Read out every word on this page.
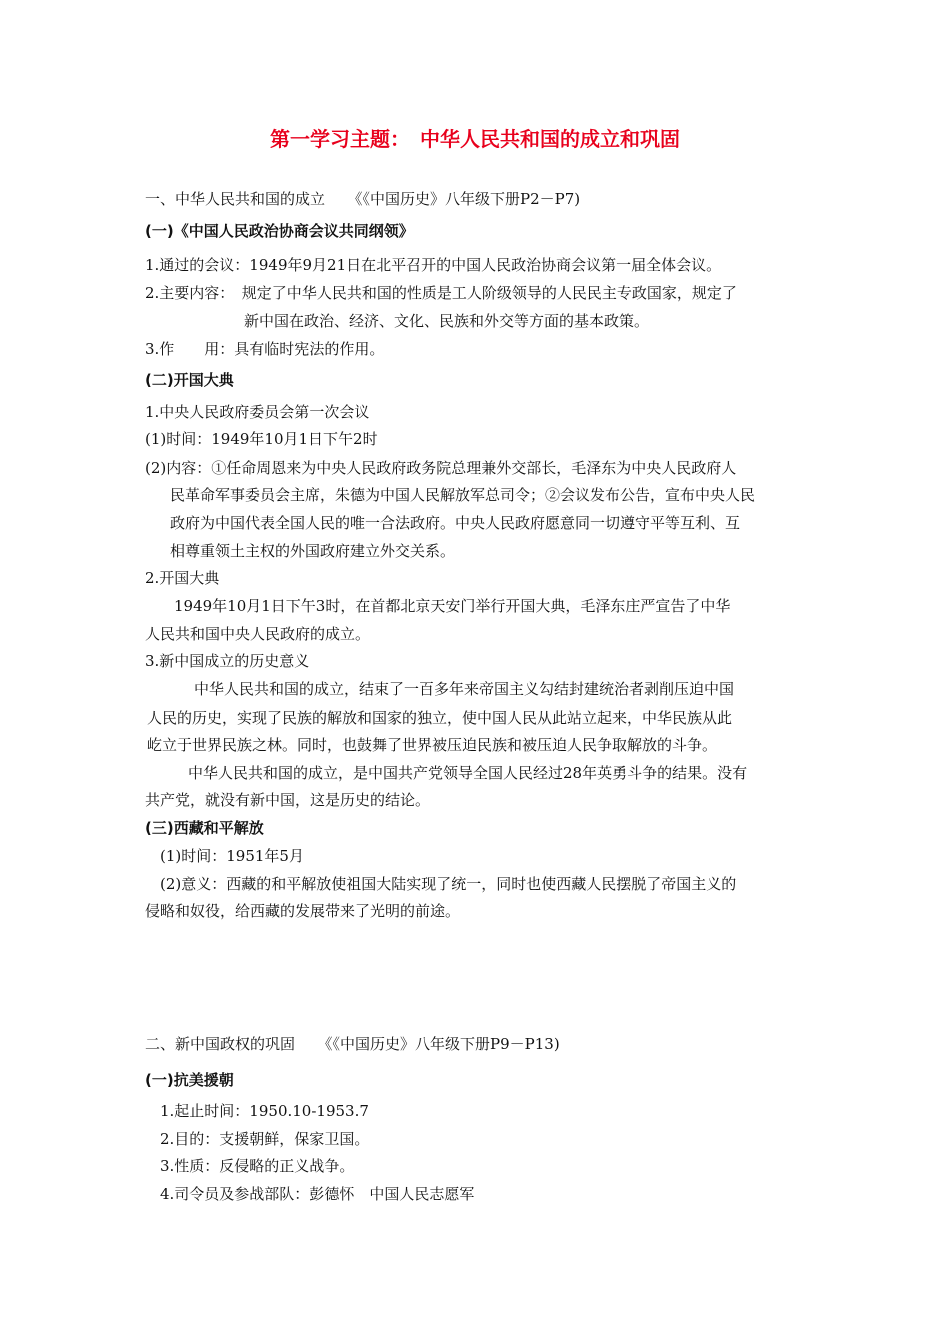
第一学习主题：　中华人民共和国的成立和巩固
一、中华人民共和国的成立　　《《中国历史》八年级下册P2－P7)
(一)《中国人民政治协商会议共同纲领》
1.通过的会议：1949年9月21日在北平召开的中国人民政治协商会议第一届全体会议。
2.主要内容：　规定了中华人民共和国的性质是工人阶级领导的人民民主专政国家，规定了
新中国在政治、经济、文化、民族和外交等方面的基本政策。
3.作　　用：具有临时宪法的作用。
(二)开国大典
1.中央人民政府委员会第一次会议
(1)时间：1949年10月1日下午2时
(2)内容：①任命周恩来为中央人民政府政务院总理兼外交部长，毛泽东为中央人民政府人
民革命军事委员会主席，朱德为中国人民解放军总司令；②会议发布公告，宣布中央人民
政府为中国代表全国人民的唯一合法政府。中央人民政府愿意同一切遵守平等互利、互
相尊重领土主权的外国政府建立外交关系。
2.开国大典
1949年10月1日下午3时，在首都北京天安门举行开国大典，毛泽东庄严宣告了中华
人民共和国中央人民政府的成立。
3.新中国成立的历史意义
中华人民共和国的成立，结束了一百多年来帝国主义勾结封建统治者剥削压迫中国
人民的历史，实现了民族的解放和国家的独立，使中国人民从此站立起来，中华民族从此
屹立于世界民族之林。同时，也鼓舞了世界被压迫民族和被压迫人民争取解放的斗争。
中华人民共和国的成立，是中国共产党领导全国人民经过28年英勇斗争的结果。没有
共产党，就没有新中国，这是历史的结论。
(三)西藏和平解放
(1)时间：1951年5月
(2)意义：西藏的和平解放使祖国大陆实现了统一，同时也使西藏人民摆脱了帝国主义的
侵略和奴役，给西藏的发展带来了光明的前途。
二、新中国政权的巩固　　《《中国历史》八年级下册P9－P13)
(一)抗美援朝
1.起止时间：1950.10-1953.7
2.目的：支援朝鲜，保家卫国。
3.性质：反侵略的正义战争。
4.司令员及参战部队：彭德怀　中国人民志愿军
